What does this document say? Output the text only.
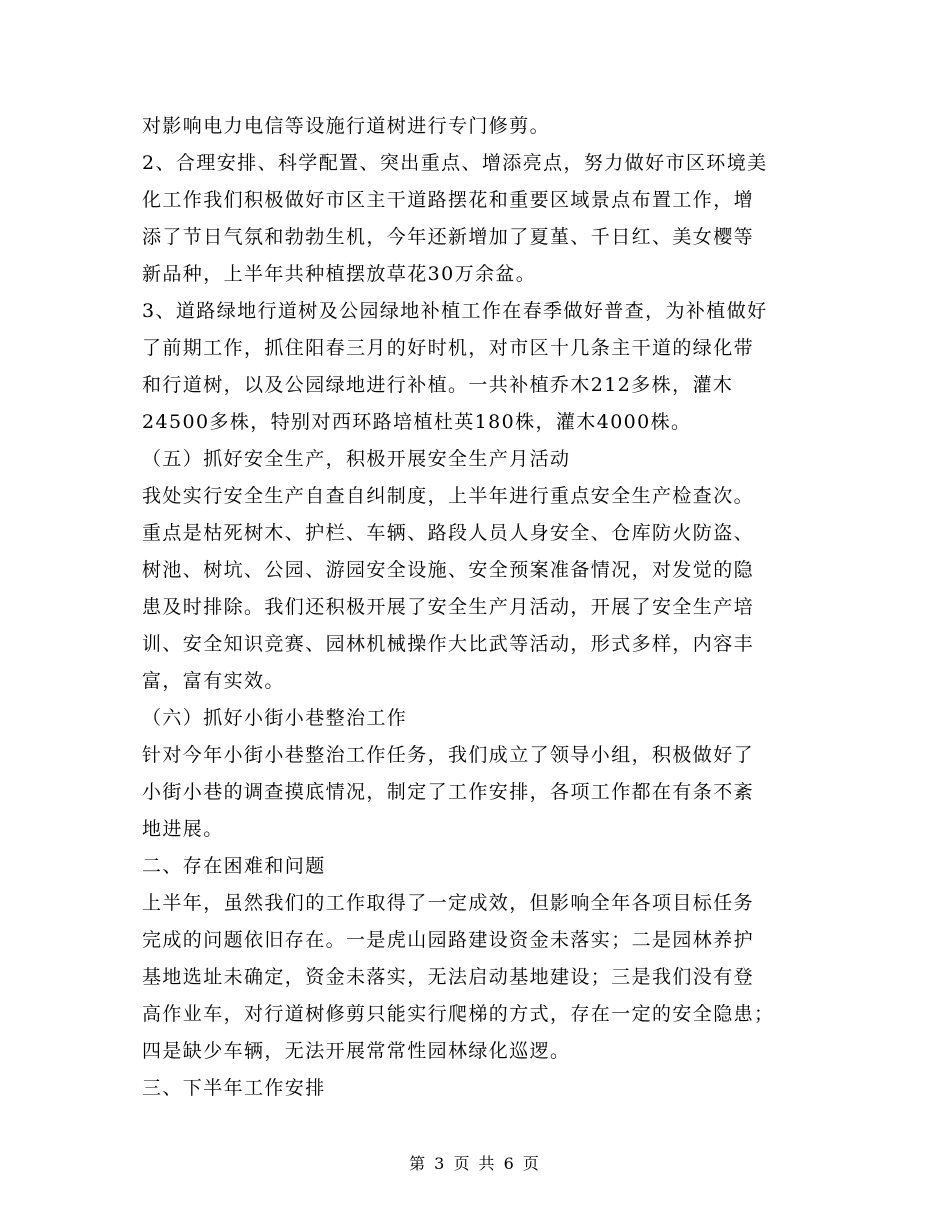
对影响电力电信等设施行道树进行专门修剪。
2、合理安排、科学配置、突出重点、增添亮点，努力做好市区环境美
化工作我们积极做好市区主干道路摆花和重要区域景点布置工作，增
添了节日气氛和勃勃生机，今年还新增加了夏堇、千日红、美女樱等
新品种，上半年共种植摆放草花30万余盆。
3、道路绿地行道树及公园绿地补植工作在春季做好普查，为补植做好
了前期工作，抓住阳春三月的好时机，对市区十几条主干道的绿化带
和行道树，以及公园绿地进行补植。一共补植乔木212多株，灌木
24500多株，特别对西环路培植杜英180株，灌木4000株。
（五）抓好安全生产，积极开展安全生产月活动
我处实行安全生产自查自纠制度，上半年进行重点安全生产检查次。
重点是枯死树木、护栏、车辆、路段人员人身安全、仓库防火防盗、
树池、树坑、公园、游园安全设施、安全预案准备情况，对发觉的隐
患及时排除。我们还积极开展了安全生产月活动，开展了安全生产培
训、安全知识竞赛、园林机械操作大比武等活动，形式多样，内容丰
富，富有实效。
（六）抓好小街小巷整治工作
针对今年小街小巷整治工作任务，我们成立了领导小组，积极做好了
小街小巷的调查摸底情况，制定了工作安排，各项工作都在有条不紊
地进展。
二、存在困难和问题
上半年，虽然我们的工作取得了一定成效，但影响全年各项目标任务
完成的问题依旧存在。一是虎山园路建设资金未落实；二是园林养护
基地选址未确定，资金未落实，无法启动基地建设；三是我们没有登
高作业车，对行道树修剪只能实行爬梯的方式，存在一定的安全隐患；
四是缺少车辆，无法开展常常性园林绿化巡逻。
三、下半年工作安排
第 3 页 共 6 页
